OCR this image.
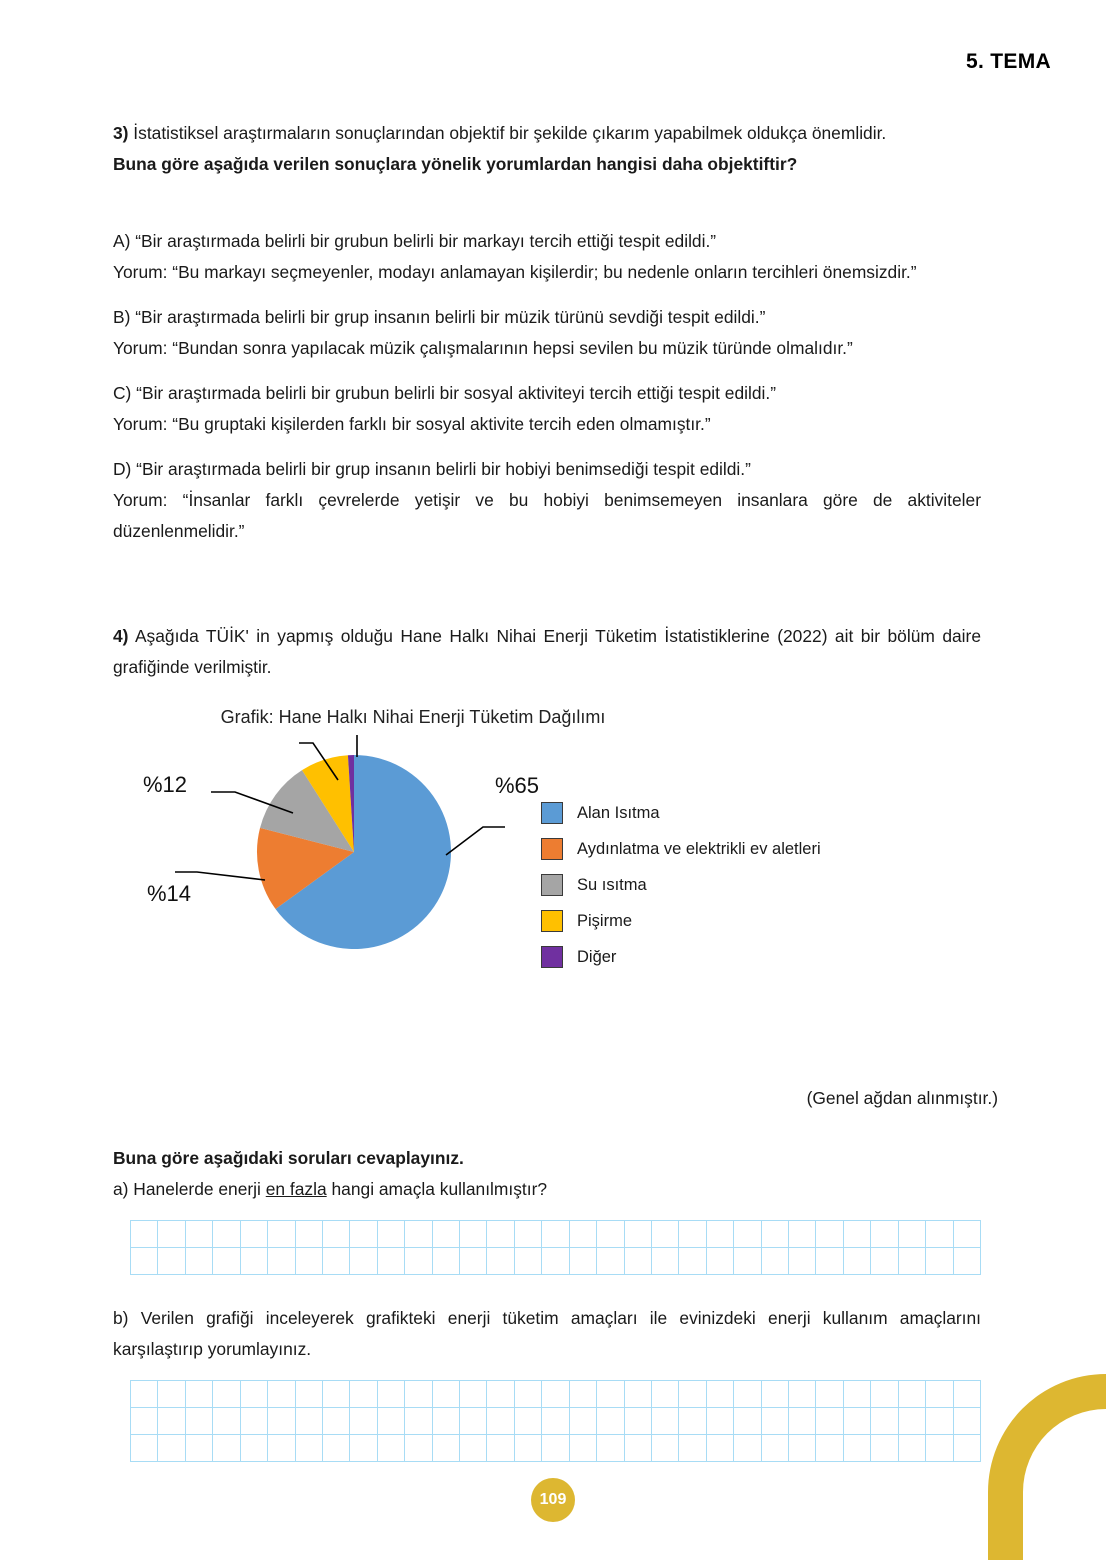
5. TEMA

3) İstatistiksel araştırmaların sonuçlarından objektif bir şekilde çıkarım yapabilmek oldukça önemlidir.

Buna göre aşağıda verilen sonuçlara yönelik yorumlardan hangisi daha objektiftir?

A) “Bir araştırmada belirli bir grubun belirli bir markayı tercih ettiği tespit edildi.”

Yorum: “Bu markayı seçmeyenler, modayı anlamayan kişilerdir; bu nedenle onların tercihleri önemsizdir.”

B) “Bir araştırmada belirli bir grup insanın belirli bir müzik türünü sevdiği tespit edildi.”

Yorum: “Bundan sonra yapılacak müzik çalışmalarının hepsi sevilen bu müzik türünde olmalıdır.”

C) “Bir araştırmada belirli bir grubun belirli bir sosyal aktiviteyi tercih ettiği tespit edildi.”

Yorum: “Bu gruptaki kişilerden farklı bir sosyal aktivite tercih eden olmamıştır.”

D) “Bir araştırmada belirli bir grup insanın belirli bir hobiyi benimsediği tespit edildi.”

Yorum: “İnsanlar farklı çevrelerde yetişir ve bu hobiyi benimsemeyen insanlara göre de aktiviteler düzenlenmelidir.”

4) Aşağıda TÜİK' in yapmış olduğu Hane Halkı Nihai Enerji Tüketim İstatistiklerine (2022) ait bir bölüm daire grafiğinde verilmiştir.

Grafik: Hane Halkı Nihai Enerji Tüketim Dağılımı
%65
%14
%12
Alan Isıtma
Aydınlatma ve elektrikli ev aletleri
Su ısıtma
Pişirme
Diğer
(Genel ağdan alınmıştır.)

Buna göre aşağıdaki soruları cevaplayınız.

a) Hanelerde enerji en fazla hangi amaçla kullanılmıştır?

b) Verilen grafiği inceleyerek grafikteki enerji tüketim amaçları ile evinizdeki enerji kullanım amaçlarını karşılaştırıp yorumlayınız.

109
